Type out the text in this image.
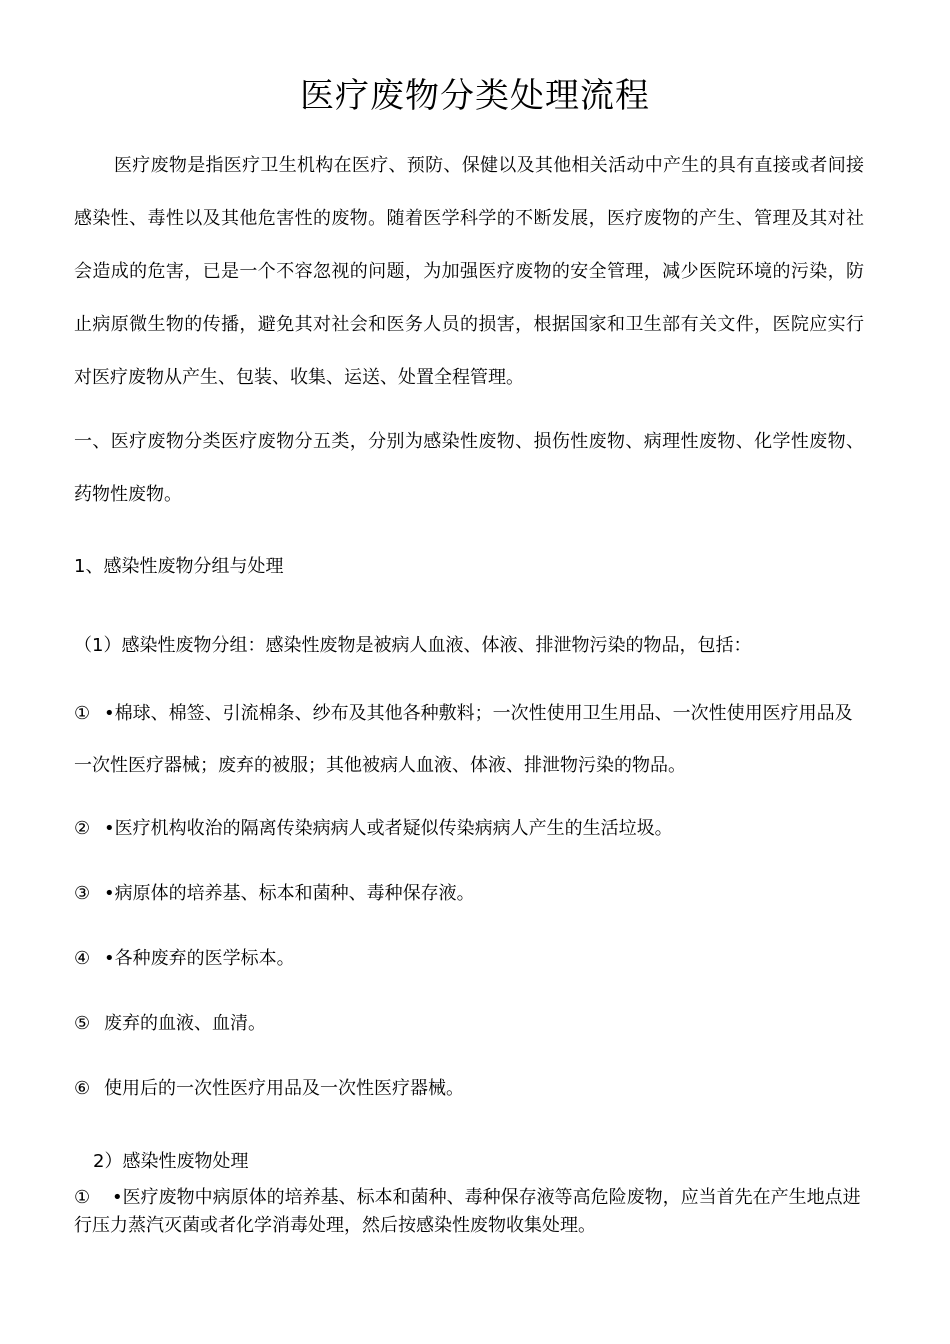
医疗废物分类处理流程
医疗废物是指医疗卫生机构在医疗、预防、保健以及其他相关活动中产生的具有直接或者间接感染性、毒性以及其他危害性的废物。随着医学科学的不断发展，医疗废物的产生、管理及其对社会造成的危害，已是一个不容忽视的问题，为加强医疗废物的安全管理，减少医院环境的污染，防止病原微生物的传播，避免其对社会和医务人员的损害，根据国家和卫生部有关文件，医院应实行对医疗废物从产生、包装、收集、运送、处置全程管理。
一、医疗废物分类医疗废物分五类，分别为感染性废物、损伤性废物、病理性废物、化学性废物、药物性废物。
1、感染性废物分组与处理
（1）感染性废物分组：感染性废物是被病人血液、体液、排泄物污染的物品，包括：
① •棉球、棉签、引流棉条、纱布及其他各种敷料；一次性使用卫生用品、一次性使用医疗用品及一次性医疗器械；废弃的被服；其他被病人血液、体液、排泄物污染的物品。
② •医疗机构收治的隔离传染病病人或者疑似传染病病人产生的生活垃圾。
③ •病原体的培养基、标本和菌种、毒种保存液。
④ •各种废弃的医学标本。
⑤ 废弃的血液、血清。
⑥ 使用后的一次性医疗用品及一次性医疗器械。
2）感染性废物处理
① •医疗废物中病原体的培养基、标本和菌种、毒种保存液等高危险废物，应当首先在产生地点进行压力蒸汽灭菌或者化学消毒处理，然后按感染性废物收集处理。
